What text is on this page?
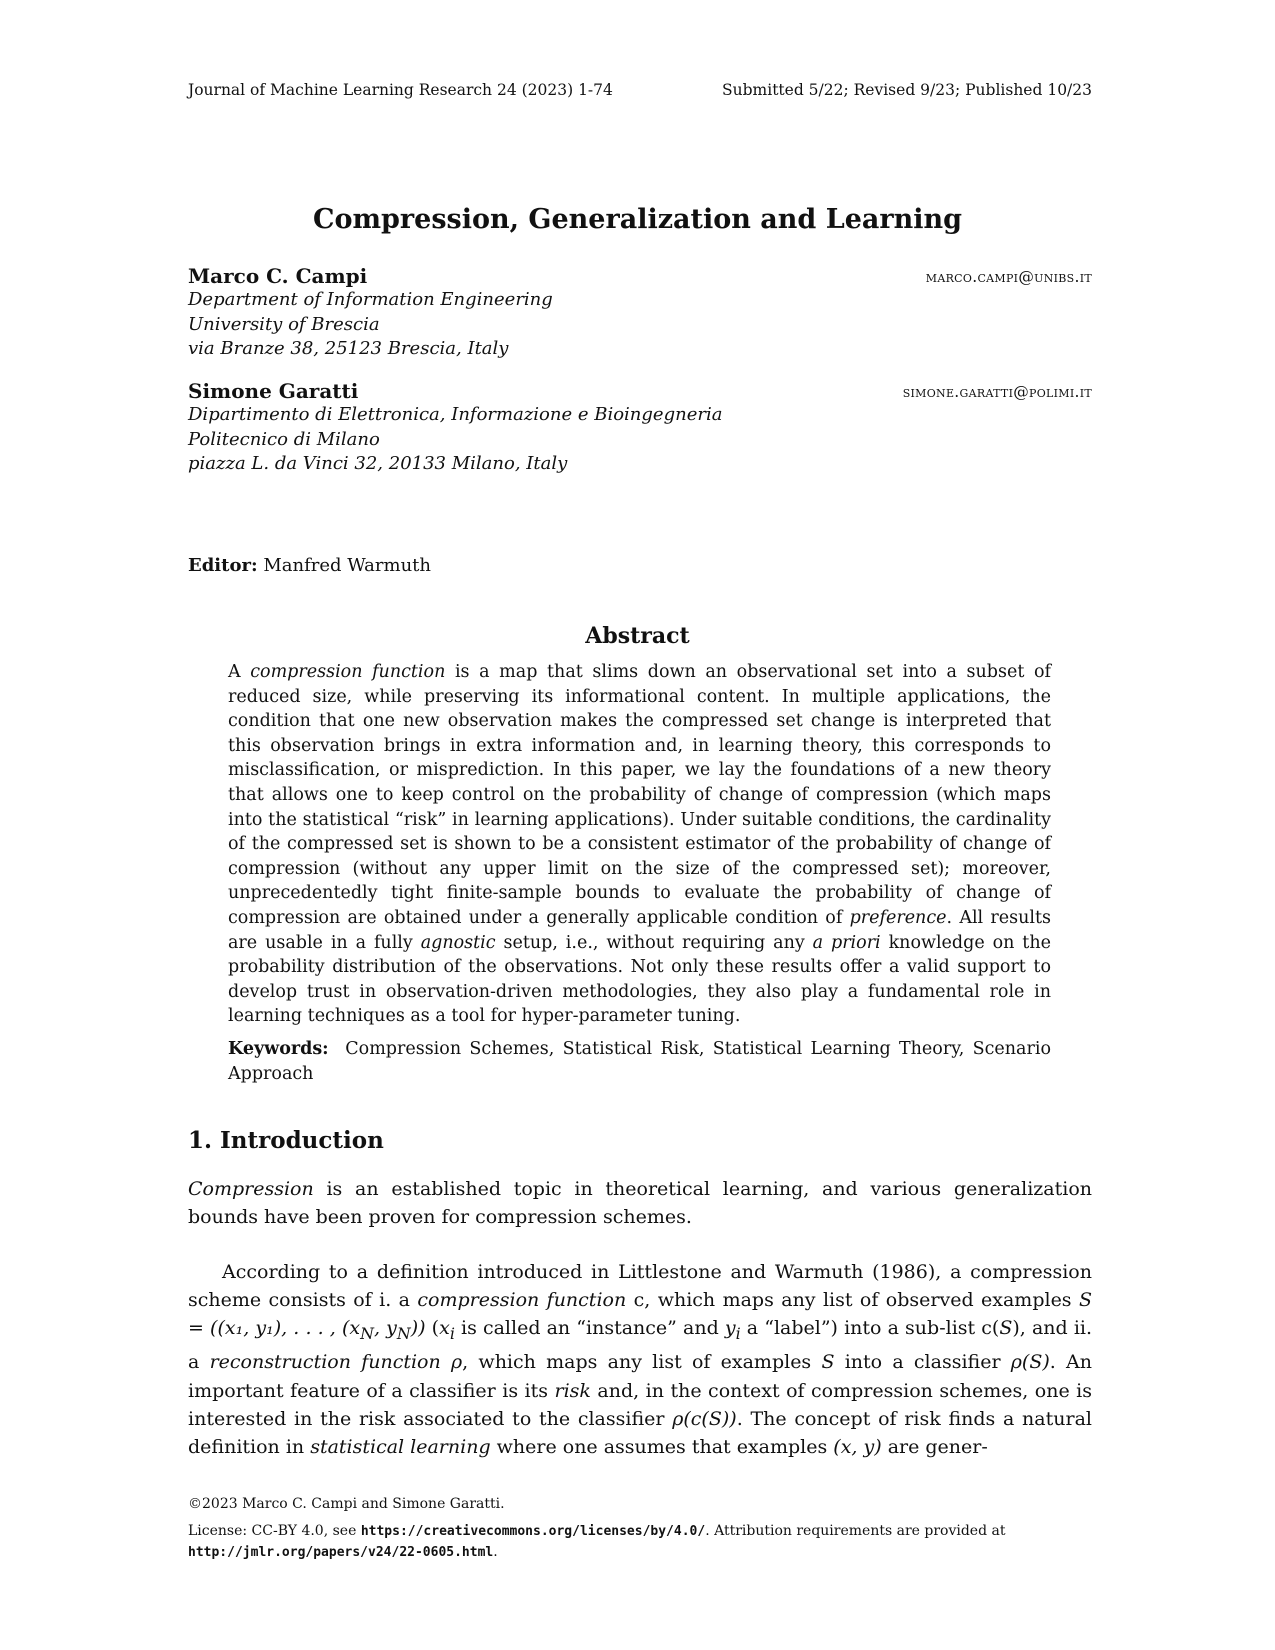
Journal of Machine Learning Research 24 (2023) 1-74	Submitted 5/22; Revised 9/23; Published 10/23
Compression, Generalization and Learning
Marco C. Campi	marco.campi@unibs.it
Department of Information Engineering
University of Brescia
via Branze 38, 25123 Brescia, Italy
Simone Garatti	simone.garatti@polimi.it
Dipartimento di Elettronica, Informazione e Bioingegneria
Politecnico di Milano
piazza L. da Vinci 32, 20133 Milano, Italy
Editor: Manfred Warmuth
Abstract

A compression function is a map that slims down an observational set into a subset of reduced size, while preserving its informational content. In multiple applications, the condition that one new observation makes the compressed set change is interpreted that this observation brings in extra information and, in learning theory, this corresponds to misclassification, or misprediction. In this paper, we lay the foundations of a new theory that allows one to keep control on the probability of change of compression (which maps into the statistical “risk” in learning applications). Under suitable conditions, the cardinality of the compressed set is shown to be a consistent estimator of the probability of change of compression (without any upper limit on the size of the compressed set); moreover, unprecedentedly tight finite-sample bounds to evaluate the probability of change of compression are obtained under a generally applicable condition of preference. All results are usable in a fully agnostic setup, i.e., without requiring any a priori knowledge on the probability distribution of the observations. Not only these results offer a valid support to develop trust in observation-driven methodologies, they also play a fundamental role in learning techniques as a tool for hyper-parameter tuning.

Keywords: Compression Schemes, Statistical Risk, Statistical Learning Theory, Scenario Approach

1. Introduction

Compression is an established topic in theoretical learning, and various generalization bounds have been proven for compression schemes.

According to a definition introduced in Littlestone and Warmuth (1986), a compression scheme consists of i. a compression function c, which maps any list of observed examples S = ((x₁, y₁), . . . , ($x_N$, $y_N$)) ($x_i$ is called an “instance” and $y_i$ a “label”) into a sub-list c(S), and ii. a reconstruction function ρ, which maps any list of examples S into a classifier ρ(S). An important feature of a classifier is its risk and, in the context of compression schemes, one is interested in the risk associated to the classifier ρ(c(S)). The concept of risk finds a natural definition in statistical learning where one assumes that examples (x, y) are gener-

©2023 Marco C. Campi and Simone Garatti.
License: CC-BY 4.0, see https://creativecommons.org/licenses/by/4.0/. Attribution requirements are provided at http://jmlr.org/papers/v24/22-0605.html.
